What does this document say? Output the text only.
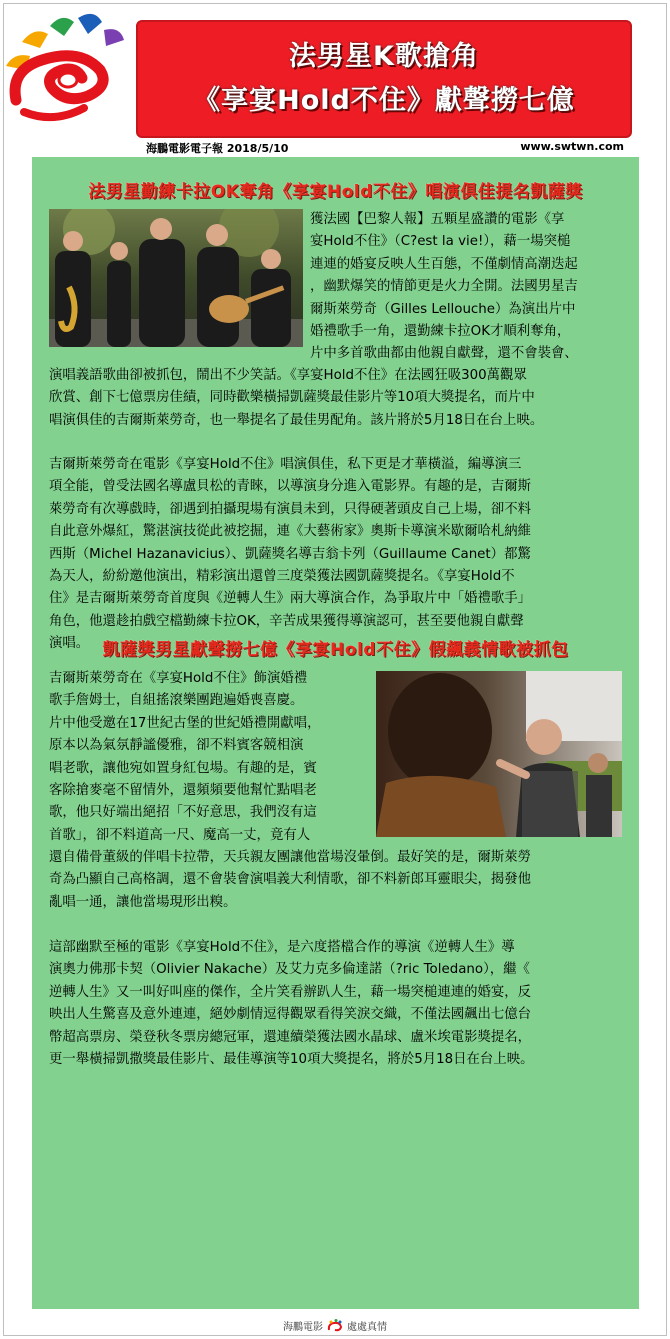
法男星K歌搶角
《享宴Hold不住》獻聲撈七億
海鵬電影電子報 2018/5/10	www.swtwn.com
法男星勤練卡拉OK奪角《享宴Hold不住》唱演俱佳提名凱薩獎

獲法國【巴黎人報】五顆星盛讚的電影《享

宴Hold不住》（C?est la vie!），藉一場突槌

連連的婚宴反映人生百態，不僅劇情高潮迭起

，幽默爆笑的情節更是火力全開。法國男星吉

爾斯萊勞奇（Gilles Lellouche）為演出片中

婚禮歌手一角，還勤練卡拉OK才順利奪角，

片中多首歌曲都由他親自獻聲，還不會裝會、

演唱義語歌曲卻被抓包，鬧出不少笑話。《享宴Hold不住》在法國狂吸300萬觀眾

欣賞、創下七億票房佳績，同時歡樂橫掃凱薩獎最佳影片等10項大獎提名，而片中

唱演俱佳的吉爾斯萊勞奇，也一舉提名了最佳男配角。該片將於5月18日在台上映。

吉爾斯萊勞奇在電影《享宴Hold不住》唱演俱佳，私下更是才華橫溢，編導演三

項全能，曾受法國名導盧貝松的青睞，以導演身分進入電影界。有趣的是，吉爾斯

萊勞奇有次導戲時，卻遇到拍攝現場有演員未到，只得硬著頭皮自己上場，卻不料

自此意外爆紅，驚湛演技從此被挖掘，連《大藝術家》奧斯卡導演米歇爾哈札納維

西斯（Michel Hazanavicius）、凱薩獎名導吉翁卡列（Guillaume Canet）都驚

為天人，紛紛邀他演出，精彩演出還曾三度榮獲法國凱薩獎提名。《享宴Hold不

住》是吉爾斯萊勞奇首度與《逆轉人生》兩大導演合作，為爭取片中「婚禮歌手」

角色，他還趁拍戲空檔勤練卡拉OK，辛苦成果獲得導演認可，甚至要他親自獻聲

演唱。 凱薩獎男星獻聲撈七億《享宴Hold不住》假飆義情歌被抓包

吉爾斯萊勞奇在《享宴Hold不住》飾演婚禮

歌手詹姆士，自組搖滾樂團跑遍婚喪喜慶。

片中他受邀在17世紀古堡的世紀婚禮開獻唱，

原本以為氣氛靜謐優雅，卻不料賓客競相演

唱老歌，讓他宛如置身紅包場。有趣的是，賓

客除搶麥毫不留情外，還頻頻要他幫忙點唱老

歌，他只好端出絕招「不好意思，我們沒有這

首歌」，卻不料道高一尺、魔高一丈，竟有人

還自備骨董級的伴唱卡拉帶，天兵親友團讓他當場沒暈倒。最好笑的是，爾斯萊勞

奇為凸顯自己高格調，還不會裝會演唱義大利情歌，卻不料新郎耳靈眼尖，揭發他

亂唱一通，讓他當場現形出糗。

這部幽默至極的電影《享宴Hold不住》，是六度搭檔合作的導演《逆轉人生》導

演奧力佛那卡契（Olivier Nakache）及艾力克多倫達諾（?ric Toledano），繼《

逆轉人生》又一叫好叫座的傑作，全片笑看辦趴人生，藉一場突槌連連的婚宴，反

映出人生驚喜及意外連連，絕妙劇情逗得觀眾看得笑淚交織，不僅法國飆出七億台

幣超高票房、榮登秋冬票房總冠軍，還連續榮獲法國水晶球、盧米埃電影獎提名，

更一舉橫掃凱撒獎最佳影片、最佳導演等10項大獎提名，將於5月18日在台上映。

海鵬電影 處處真情
